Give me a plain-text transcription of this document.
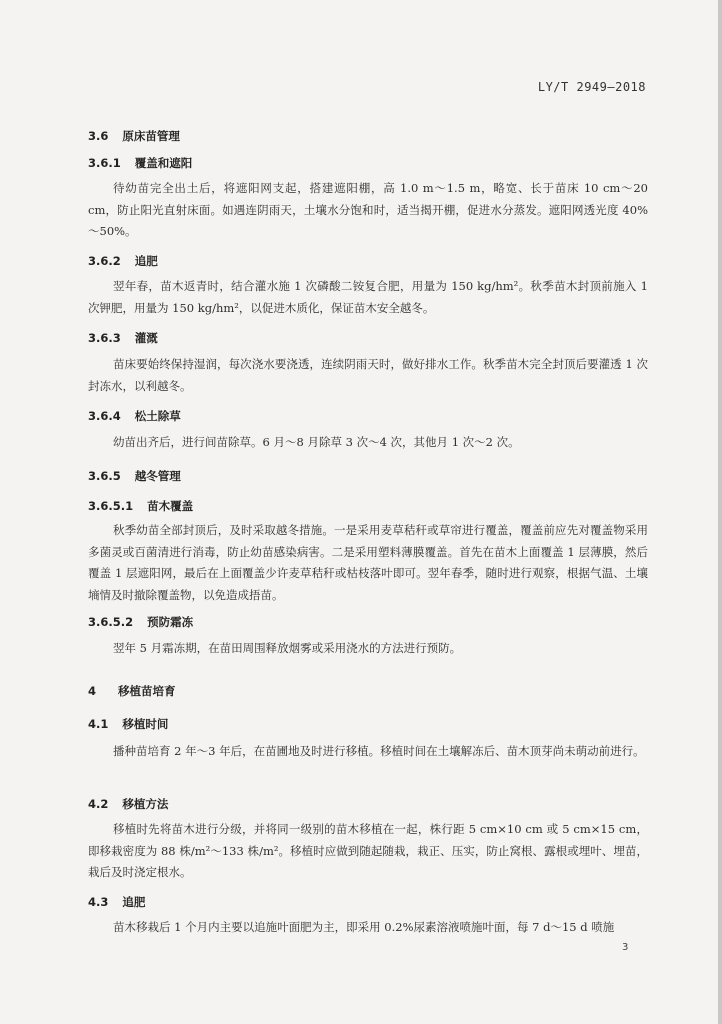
LY/T 2949—2018
3.6 原床苗管理
3.6.1 覆盖和遮阳
待幼苗完全出土后，将遮阳网支起，搭建遮阳棚，高 1.0 m～1.5 m，略宽、长于苗床 10 cm～20 cm，防止阳光直射床面。如遇连阴雨天，土壤水分饱和时，适当揭开棚，促进水分蒸发。遮阳网透光度 40%～50%。
3.6.2 追肥
翌年春，苗木返青时，结合灌水施 1 次磷酸二铵复合肥，用量为 150 kg/hm²。秋季苗木封顶前施入 1 次钾肥，用量为 150 kg/hm²，以促进木质化，保证苗木安全越冬。
3.6.3 灌溉
苗床要始终保持湿润，每次浇水要浇透，连续阴雨天时，做好排水工作。秋季苗木完全封顶后要灌透 1 次封冻水，以利越冬。
3.6.4 松土除草
幼苗出齐后，进行间苗除草。6 月～8 月除草 3 次～4 次，其他月 1 次～2 次。
3.6.5 越冬管理
3.6.5.1 苗木覆盖
秋季幼苗全部封顶后，及时采取越冬措施。一是采用麦草秸秆或草帘进行覆盖，覆盖前应先对覆盖物采用多菌灵或百菌清进行消毒，防止幼苗感染病害。二是采用塑料薄膜覆盖。首先在苗木上面覆盖 1 层薄膜，然后覆盖 1 层遮阳网，最后在上面覆盖少许麦草秸秆或枯枝落叶即可。翌年春季，随时进行观察，根据气温、土壤墒情及时撤除覆盖物，以免造成捂苗。
3.6.5.2 预防霜冻
翌年 5 月霜冻期，在苗田周围释放烟雾或采用浇水的方法进行预防。
4 移植苗培育
4.1 移植时间
播种苗培育 2 年～3 年后，在苗圃地及时进行移植。移植时间在土壤解冻后、苗木顶芽尚未萌动前进行。
4.2 移植方法
移植时先将苗木进行分级，并将同一级别的苗木移植在一起，株行距 5 cm×10 cm 或 5 cm×15 cm，即移栽密度为 88 株/m²～133 株/m²。移植时应做到随起随栽，栽正、压实，防止窝根、露根或埋叶、埋苗，栽后及时浇定根水。
4.3 追肥
苗木移栽后 1 个月内主要以追施叶面肥为主，即采用 0.2%尿素溶液喷施叶面，每 7 d～15 d 喷施
3
